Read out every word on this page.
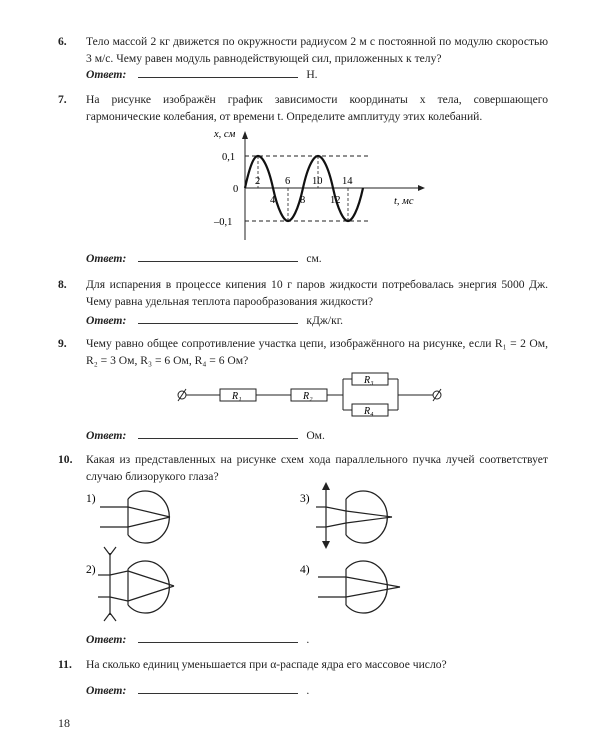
6. Тело массой 2 кг движется по окружности радиусом 2 м с постоянной по модулю скоростью 3 м/с. Чему равен модуль равнодействующей сил, приложенных к телу?
Ответ:	Н.
7. На рисунке изображён график зависимости координаты x тела, совершающего гармонические колебания, от времени t. Определите амплитуду этих колебаний.
x, см
t, мс
0,1
0
–0,1
2
4
6
8
10
12
14
R₁	R₂
R₃
R₄
1)
2)
3)
4)
Ответ:	см.
8. Для испарения в процессе кипения 10 г паров жидкости потребовалась энергия 5000 Дж. Чему равна удельная теплота парообразования жидкости?
Ответ:	кДж/кг.
9. Чему равно общее сопротивление участка цепи, изображённого на рисунке, если R₁ = 2 Ом, R₂ = 3 Ом, R₃ = 6 Ом, R₄ = 6 Ом?
Ответ:	Ом.
10. Какая из представленных на рисунке схем хода параллельного пучка лучей соответствует случаю близорукого глаза?
Ответ:	.
11. На сколько единиц уменьшается при α-распаде ядра его массовое число?
Ответ:	.
18
